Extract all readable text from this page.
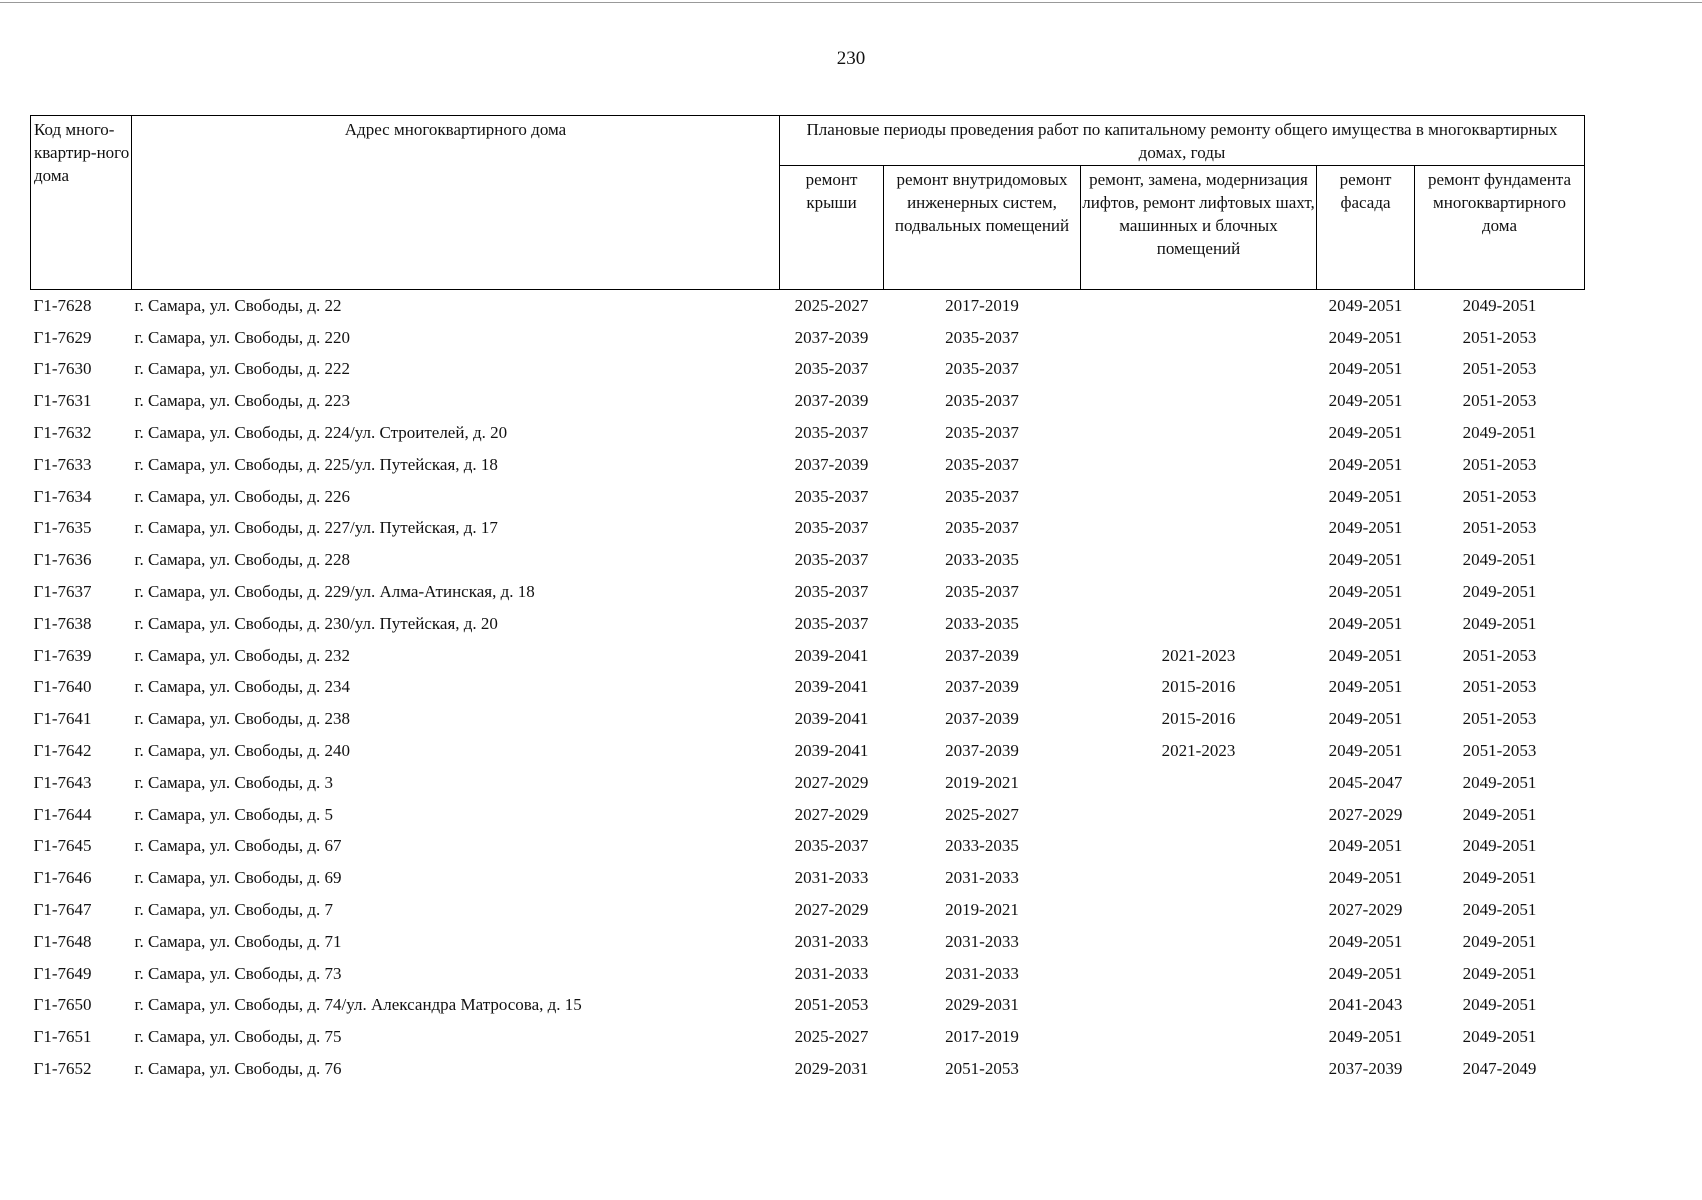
230
Код много-квартир-ного дома	Адрес многоквартирного дома	Плановые периоды проведения работ по капитальному ремонту общего имущества в многоквартирных домах, годы				
		ремонт крыши	ремонт внутридомовых инженерных систем, подвальных помещений	ремонт, замена, модернизация лифтов, ремонт лифтовых шахт, машинных и блочных помещений	ремонт фасада	ремонт фундамента многоквартирного дома
Г1-7628	г. Самара, ул. Свободы, д. 22	2025-2027	2017-2019		2049-2051	2049-2051
Г1-7629	г. Самара, ул. Свободы, д. 220	2037-2039	2035-2037		2049-2051	2051-2053
Г1-7630	г. Самара, ул. Свободы, д. 222	2035-2037	2035-2037		2049-2051	2051-2053
Г1-7631	г. Самара, ул. Свободы, д. 223	2037-2039	2035-2037		2049-2051	2051-2053
Г1-7632	г. Самара, ул. Свободы, д. 224/ул. Строителей, д. 20	2035-2037	2035-2037		2049-2051	2049-2051
Г1-7633	г. Самара, ул. Свободы, д. 225/ул. Путейская, д. 18	2037-2039	2035-2037		2049-2051	2051-2053
Г1-7634	г. Самара, ул. Свободы, д. 226	2035-2037	2035-2037		2049-2051	2051-2053
Г1-7635	г. Самара, ул. Свободы, д. 227/ул. Путейская, д. 17	2035-2037	2035-2037		2049-2051	2051-2053
Г1-7636	г. Самара, ул. Свободы, д. 228	2035-2037	2033-2035		2049-2051	2049-2051
Г1-7637	г. Самара, ул. Свободы, д. 229/ул. Алма-Атинская, д. 18	2035-2037	2035-2037		2049-2051	2049-2051
Г1-7638	г. Самара, ул. Свободы, д. 230/ул. Путейская, д. 20	2035-2037	2033-2035		2049-2051	2049-2051
Г1-7639	г. Самара, ул. Свободы, д. 232	2039-2041	2037-2039	2021-2023	2049-2051	2051-2053
Г1-7640	г. Самара, ул. Свободы, д. 234	2039-2041	2037-2039	2015-2016	2049-2051	2051-2053
Г1-7641	г. Самара, ул. Свободы, д. 238	2039-2041	2037-2039	2015-2016	2049-2051	2051-2053
Г1-7642	г. Самара, ул. Свободы, д. 240	2039-2041	2037-2039	2021-2023	2049-2051	2051-2053
Г1-7643	г. Самара, ул. Свободы, д. 3	2027-2029	2019-2021		2045-2047	2049-2051
Г1-7644	г. Самара, ул. Свободы, д. 5	2027-2029	2025-2027		2027-2029	2049-2051
Г1-7645	г. Самара, ул. Свободы, д. 67	2035-2037	2033-2035		2049-2051	2049-2051
Г1-7646	г. Самара, ул. Свободы, д. 69	2031-2033	2031-2033		2049-2051	2049-2051
Г1-7647	г. Самара, ул. Свободы, д. 7	2027-2029	2019-2021		2027-2029	2049-2051
Г1-7648	г. Самара, ул. Свободы, д. 71	2031-2033	2031-2033		2049-2051	2049-2051
Г1-7649	г. Самара, ул. Свободы, д. 73	2031-2033	2031-2033		2049-2051	2049-2051
Г1-7650	г. Самара, ул. Свободы, д. 74/ул. Александра Матросова, д. 15	2051-2053	2029-2031		2041-2043	2049-2051
Г1-7651	г. Самара, ул. Свободы, д. 75	2025-2027	2017-2019		2049-2051	2049-2051
Г1-7652	г. Самара, ул. Свободы, д. 76	2029-2031	2051-2053		2037-2039	2047-2049
